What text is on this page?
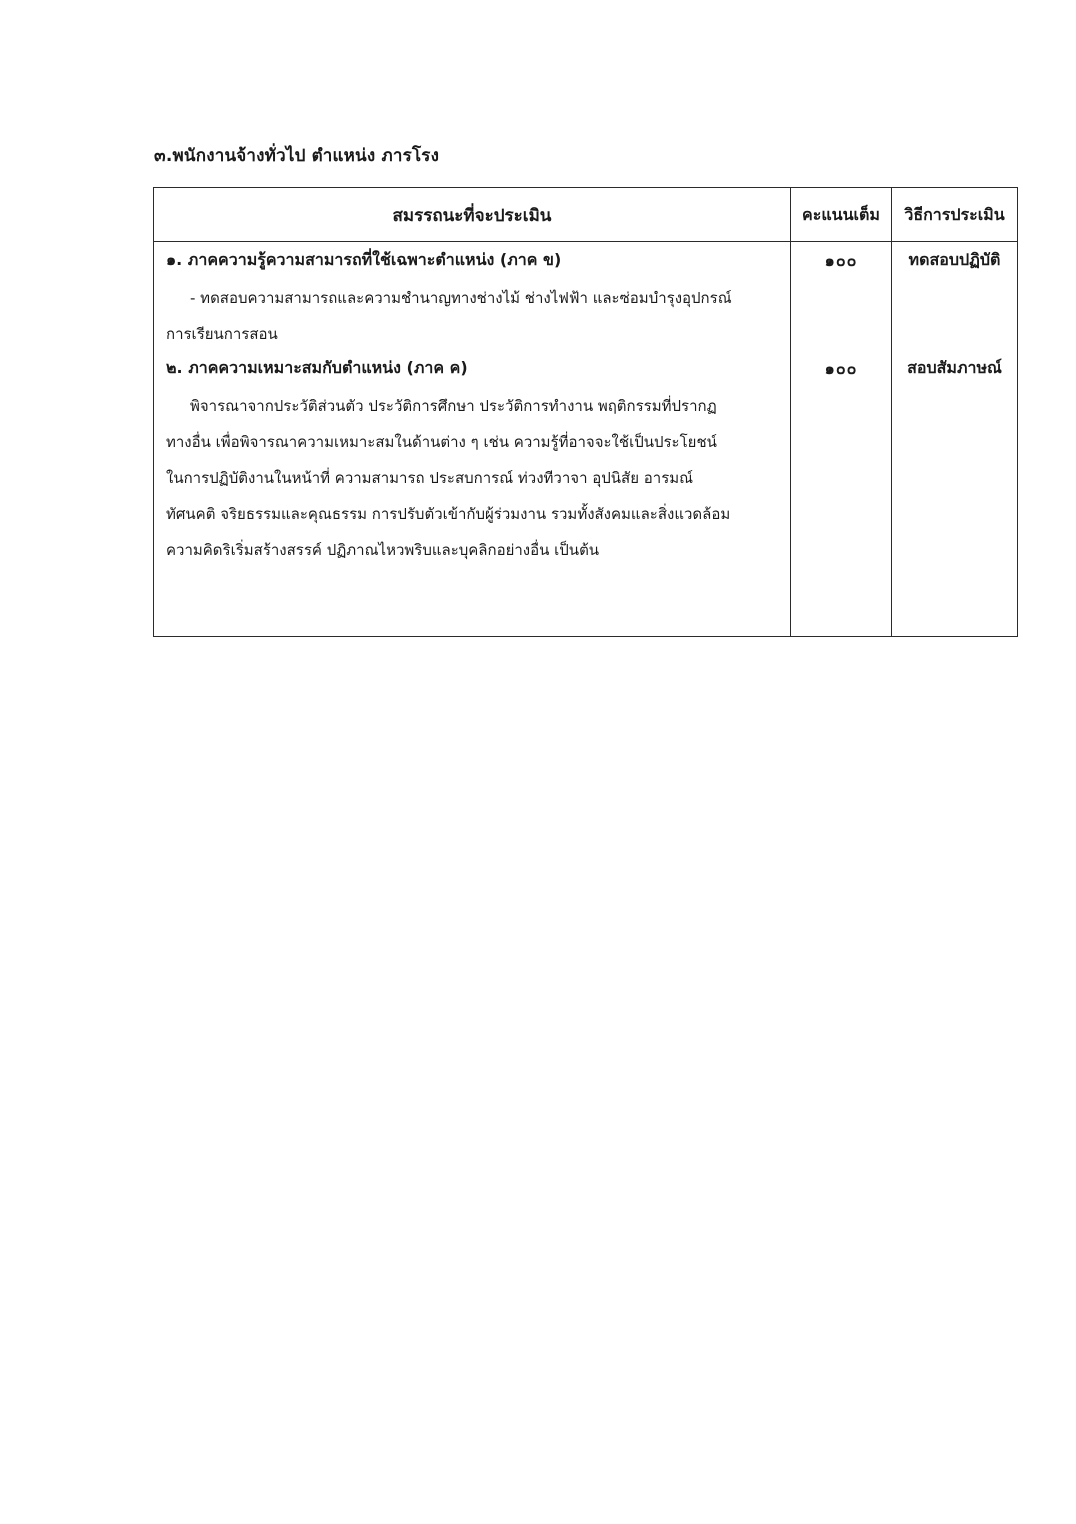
๓.พนักงานจ้างทั่วไป ตำแหน่ง ภารโรง
สมรรถนะที่จะประเมิน	คะแนนเต็ม	วิธีการประเมิน
๑. ภาคความรู้ความสามารถที่ใช้เฉพาะตำแหน่ง (ภาค ข)	๑๐๐	ทดสอบปฏิบัติ
- ทดสอบความสามารถและความชำนาญทางช่างไม้ ช่างไฟฟ้า และซ่อมบำรุงอุปกรณ์
การเรียนการสอน
๒. ภาคความเหมาะสมกับตำแหน่ง (ภาค ค)	๑๐๐	สอบสัมภาษณ์
พิจารณาจากประวัติส่วนตัว ประวัติการศึกษา ประวัติการทำงาน พฤติกรรมที่ปรากฏ
ทางอื่น เพื่อพิจารณาความเหมาะสมในด้านต่าง ๆ เช่น ความรู้ที่อาจจะใช้เป็นประโยชน์
ในการปฏิบัติงานในหน้าที่ ความสามารถ ประสบการณ์ ท่วงทีวาจา อุปนิสัย อารมณ์
ทัศนคติ จริยธรรมและคุณธรรม การปรับตัวเข้ากับผู้ร่วมงาน รวมทั้งสังคมและสิ่งแวดล้อม
ความคิดริเริ่มสร้างสรรค์ ปฏิภาณไหวพริบและบุคลิกอย่างอื่น เป็นต้น
